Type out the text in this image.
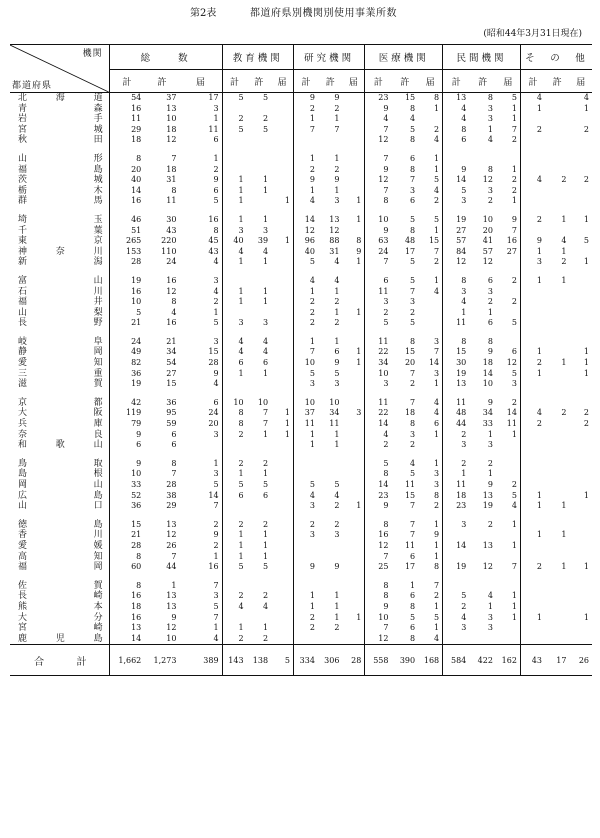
第2表	都道府県別機関別使用事業所数
(昭和44年3月31日現在)
機関
都道府県	総　　数			教育機関			研究機関			医療機関			民間機関			そ　の　他		
	計	許	届	計	許	届	計	許	届	計	許	届	計	許	届	計	許	届

北 海 道	54	37	17	5	5		9	9		23	15	8	13	8	5	4		4

青
　 森	16	13	3				2	2		9	8	1	4	3	1	1		1

岩
　 手	11	10	1	2	2		1	1		4	4		4	3	1			

宮
　 城	29	18	11	5	5		7	7		7	5	2	8	1	7	2		2

秋
　 田	18	12	6							12	8	4	6	4	2			

山
　 形	8	7	1				1	1		7	6	1						

福
　 島	20	18	2				2	2		9	8	1	9	8	1			

茨
　 城	40	31	9	1	1		9	9		12	7	5	14	12	2	4	2	2

栃
　 木	14	8	6	1	1		1	1		7	3	4	5	3	2			

群
　 馬	16	11	5	1		1	4	3	1	8	6	2	3	2	1			

埼
　 玉	46	30	16	1	1		14	13	1	10	5	5	19	10	9	2	1	1

千
　 葉	51	43	8	3	3		12	12		9	8	1	27	20	7			

東
　 京	265	220	45	40	39	1	96	88	8	63	48	15	57	41	16	9	4	5

神 奈 川	153	110	43	4	4		40	31	9	24	17	7	84	57	27	1	1	

新
　 潟	28	24	4	1	1		5	4	1	7	5	2	12	12		3	2	1

富
　 山	19	16	3				4	4		6	5	1	8	6	2	1	1	

石
　 川	16	12	4	1	1		1	1		11	7	4	3	3				

福
　 井	10	8	2	1	1		2	2		3	3		4	2	2			

山
　 梨	5	4	1				2	1	1	2	2		1	1				

長
　 野	21	16	5	3	3		2	2		5	5		11	6	5			

岐
　 阜	24	21	3	4	4		1	1		11	8	3	8	8				

静
　 岡	49	34	15	4	4		7	6	1	22	15	7	15	9	6	1		1

愛
　 知	82	54	28	6	6		10	9	1	34	20	14	30	18	12	2	1	1

三
　 重	36	27	9	1	1		5	5		10	7	3	19	14	5	1		1

滋
　 賀	19	15	4				3	3		3	2	1	13	10	3			

京
　 都	42	36	6	10	10		10	10		11	7	4	11	9	2			

大
　 阪	119	95	24	8	7	1	37	34	3	22	18	4	48	34	14	4	2	2

兵
　 庫	79	59	20	8	7	1	11	11		14	8	6	44	33	11	2		2

奈
　 良	9	6	3	2	1	1	1	1		4	3	1	2	1	1			

和 歌 山	6	6					1	1		2	2		3	3				

鳥
　 取	9	8	1	2	2					5	4	1	2	2				

島
　 根	10	7	3	1	1					8	5	3	1	1				

岡
　 山	33	28	5	5	5		5	5		14	11	3	11	9	2			

広
　 島	52	38	14	6	6		4	4		23	15	8	18	13	5	1		1

山
　 口	36	29	7				3	2	1	9	7	2	23	19	4	1	1	

徳
　 島	15	13	2	2	2		2	2		8	7	1	3	2	1			

香
　 川	21	12	9	1	1		3	3		16	7	9				1	1	

愛
　 媛	28	26	2	1	1					12	11	1	14	13	1			

高
　 知	8	7	1	1	1					7	6	1						

福
　 岡	60	44	16	5	5		9	9		25	17	8	19	12	7	2	1	1

佐
　 賀	8	1	7							8	1	7						

長
　 崎	16	13	3	2	2		1	1		8	6	2	5	4	1			

熊
　 本	18	13	5	4	4		1	1		9	8	1	2	1	1			

大
　 分	16	9	7				2	1	1	10	5	5	4	3	1	1		1

宮
　 崎	13	12	1	1	1		2	2		7	6	1	3	3				

鹿 児 島	14	10	4	2	2					12	8	4						

合 計	1,662	1,273	389	143	138	5	334	306	28	558	390	168	584	422	162	43	17	26
